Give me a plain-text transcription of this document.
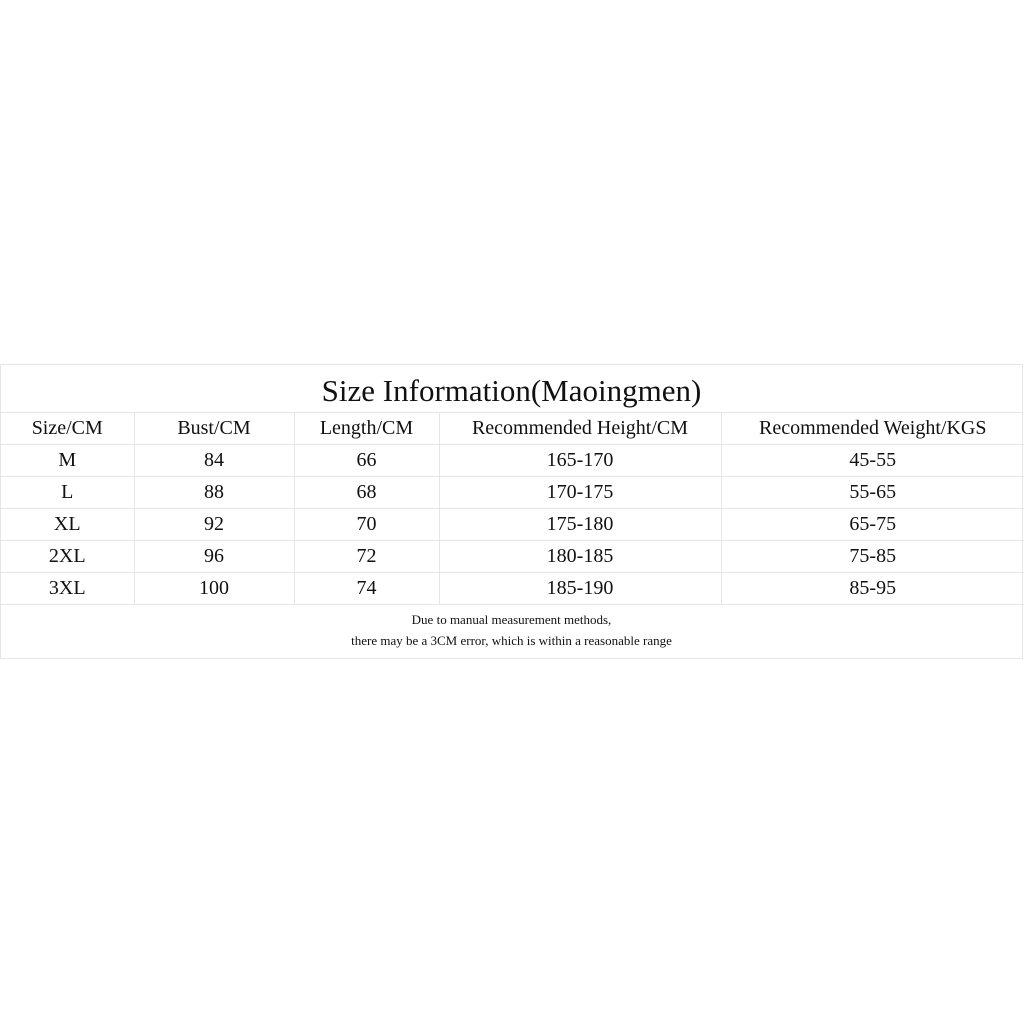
Size Information(Maoingmen)
Size/CM	Bust/CM	Length/CM	Recommended Height/CM	Recommended Weight/KGS
M	84	66	165-170	45-55
L	88	68	170-175	55-65
XL	92	70	175-180	65-75
2XL	96	72	180-185	75-85
3XL	100	74	185-190	85-95
Due to manual measurement methods,
there may be a 3CM error, which is within a reasonable range
